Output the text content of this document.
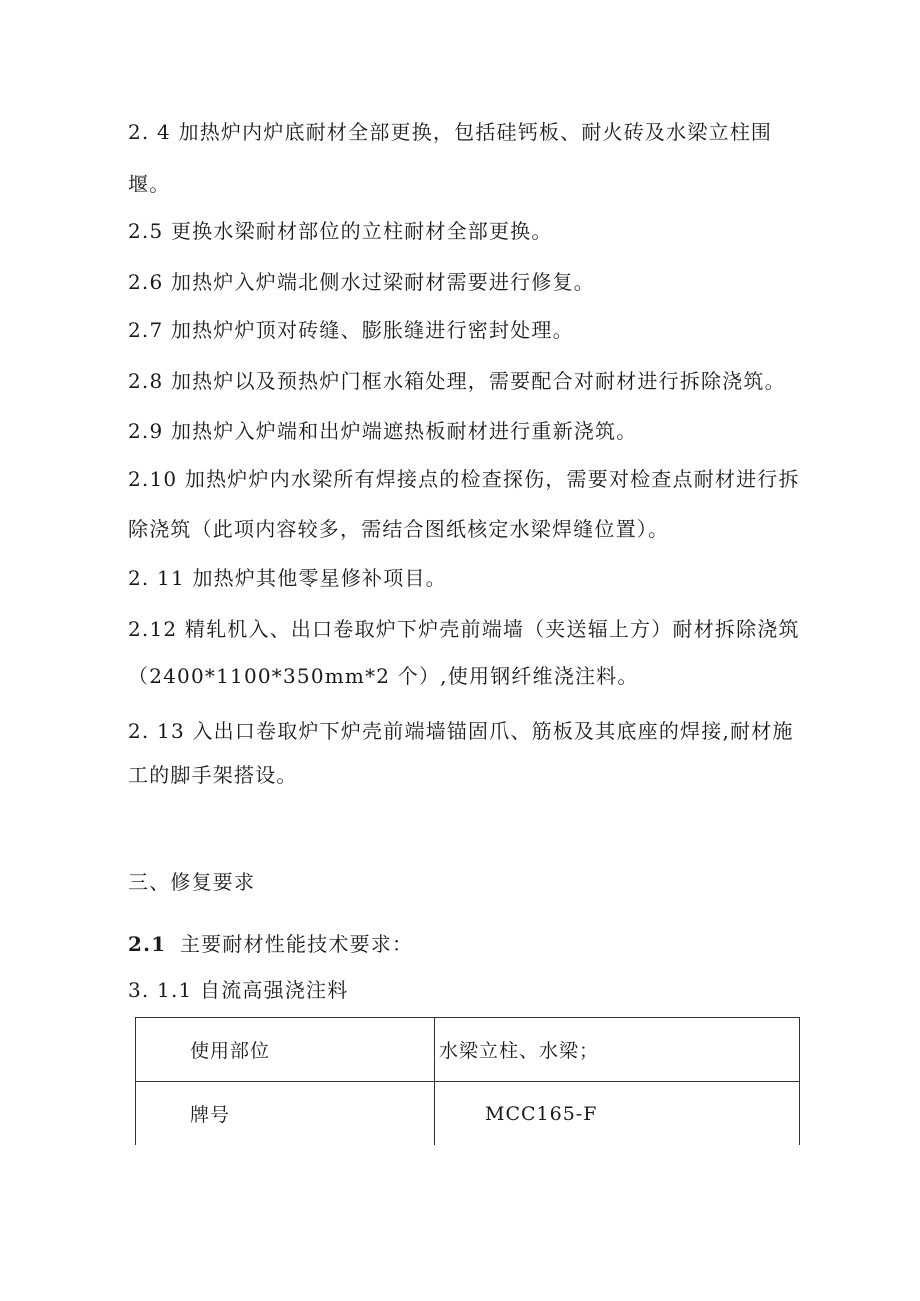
2. 4 加热炉内炉底耐材全部更换，包括硅钙板、耐火砖及水梁立柱围
堰。
2.5 更换水梁耐材部位的立柱耐材全部更换。
2.6 加热炉入炉端北侧水过梁耐材需要进行修复。
2.7 加热炉炉顶对砖缝、膨胀缝进行密封处理。
2.8 加热炉以及预热炉门框水箱处理，需要配合对耐材进行拆除浇筑。
2.9 加热炉入炉端和出炉端遮热板耐材进行重新浇筑。
2.10 加热炉炉内水梁所有焊接点的检查探伤，需要对检查点耐材进行拆
除浇筑（此项内容较多，需结合图纸核定水梁焊缝位置）。
2. 11 加热炉其他零星修补项目。
2.12 精轧机入、出口卷取炉下炉壳前端墙（夹送辐上方）耐材拆除浇筑
（2400*1100*350mm*2 个）,使用钢纤维浇注料。
2. 13 入出口卷取炉下炉壳前端墙锚固爪、筋板及其底座的焊接,耐材施
工的脚手架搭设。
三、修复要求
2.1 主要耐材性能技术要求：
3. 1.1 自流高强浇注料
使用部位	水梁立柱、水梁；
牌号	MCC165-F
